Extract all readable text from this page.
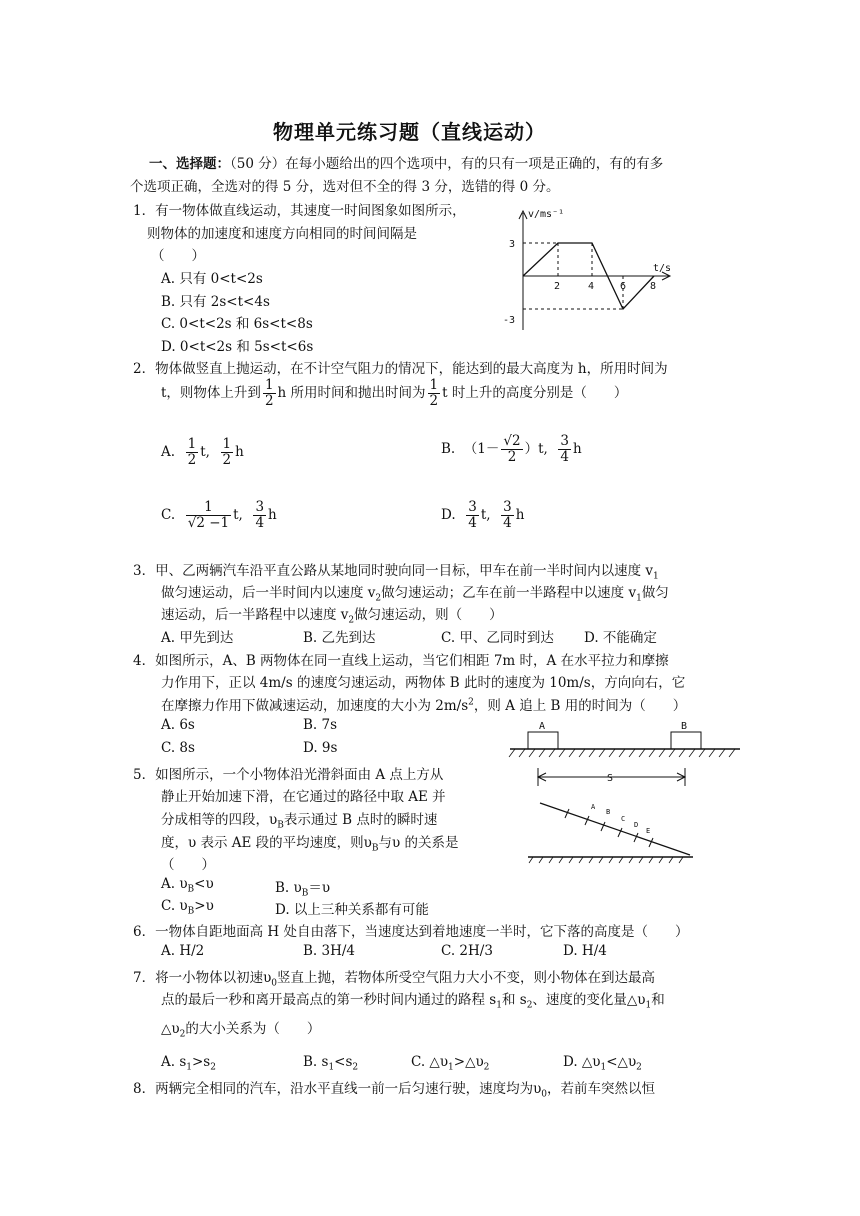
物理单元练习题（直线运动）
一、选择题：（50 分）在每小题给出的四个选项中，有的只有一项是正确的，有的有多
个选项正确，全选对的得 5 分，选对但不全的得 3 分，选错的得 0 分。
1．有一物体做直线运动，其速度一时间图象如图所示，
则物体的加速度和速度方向相同的时间间隔是
（　　）
A. 只有 0<t<2s
B. 只有 2s<t<4s
C. 0<t<2s 和 6s<t<8s
D. 0<t<2s 和 5s<t<6s
v/ms⁻¹
t/s
3
-3
2	4	6 8
2．物体做竖直上抛运动，在不计空气阻力的情况下，能达到的最大高度为 h，所用时间为
t，则物体上升到 $\frac{1}{2}$ h 所用时间和抛出时间为 $\frac{1}{2}$ t 时上升的高度分别是（　　）
A. $\frac{1}{2} t$, $\frac{1}{2}$ h	B.  $(1- \frac{√2}{2} )t$, $\frac{3}{4}$ h
C. $\frac{1}{√2 -1} t$, $\frac{3}{4}$ h	D. $\frac{3}{4} t$, $\frac{3}{4}$ h
3．甲、乙两辆汽车沿平直公路从某地同时驶向同一目标，甲车在前一半时间内以速度 $v_1$
做匀速运动，后一半时间内以速度 $v_2$做匀速运动；乙车在前一半路程中以速度 $v_1$做匀
速运动，后一半路程中以速度 $v_2$做匀速运动，则（　　）
A. 甲先到达	B. 乙先到达	C. 甲、乙同时到达 D. 不能确定
4．如图所示，A、B 两物体在同一直线上运动，当它们相距 7m 时，A 在水平拉力和摩擦
力作用下，正以 4m/s 的速度匀速运动，两物体 B 此时的速度为 10m/s，方向向右，它
在摩擦力作用下做减速运动，加速度的大小为 $2m/s^2$，则 A 追上 B 用的时间为（　　）
A. 6s	B. 7s
C. 8s	D. 9s
A	B
S
5．如图所示，一个小物体沿光滑斜面由 A 点上方从
静止开始加速下滑，在它通过的路径中取 AE 并
分成相等的四段，$\upsilon_B$表示通过 B 点时的瞬时速
度，υ 表示 AE 段的平均速度，则$\upsilon_B$与υ 的关系是
（　　）
A. $\upsilon_B<\upsilon$	B. $\upsilon_B=\upsilon$
C. $\upsilon_B>\upsilon$	D. 以上三种关系都有可能
A
B
C
D
E
6．一物体自距地面高 H 处自由落下，当速度达到着地速度一半时，它下落的高度是（　　）
A. H/2	B. 3H/4	C. 2H/3	D. H/4
7．将一小物体以初速$\upsilon_0$竖直上抛，若物体所受空气阻力大小不变，则小物体在到达最高
点的最后一秒和离开最高点的第一秒时间内通过的路程 $s_1$和 $s_2$、速度的变化量$\triangle\upsilon_1$和
$\triangle\upsilon_2$的大小关系为（　　）
A. $s_1>s_2$	B. $s_1<s_2$	C. $\triangle\upsilon_1>\triangle\upsilon_2$	D. $\triangle\upsilon_1<\triangle\upsilon_2$
8．两辆完全相同的汽车，沿水平直线一前一后匀速行驶，速度均为$\upsilon_0$，若前车突然以恒
